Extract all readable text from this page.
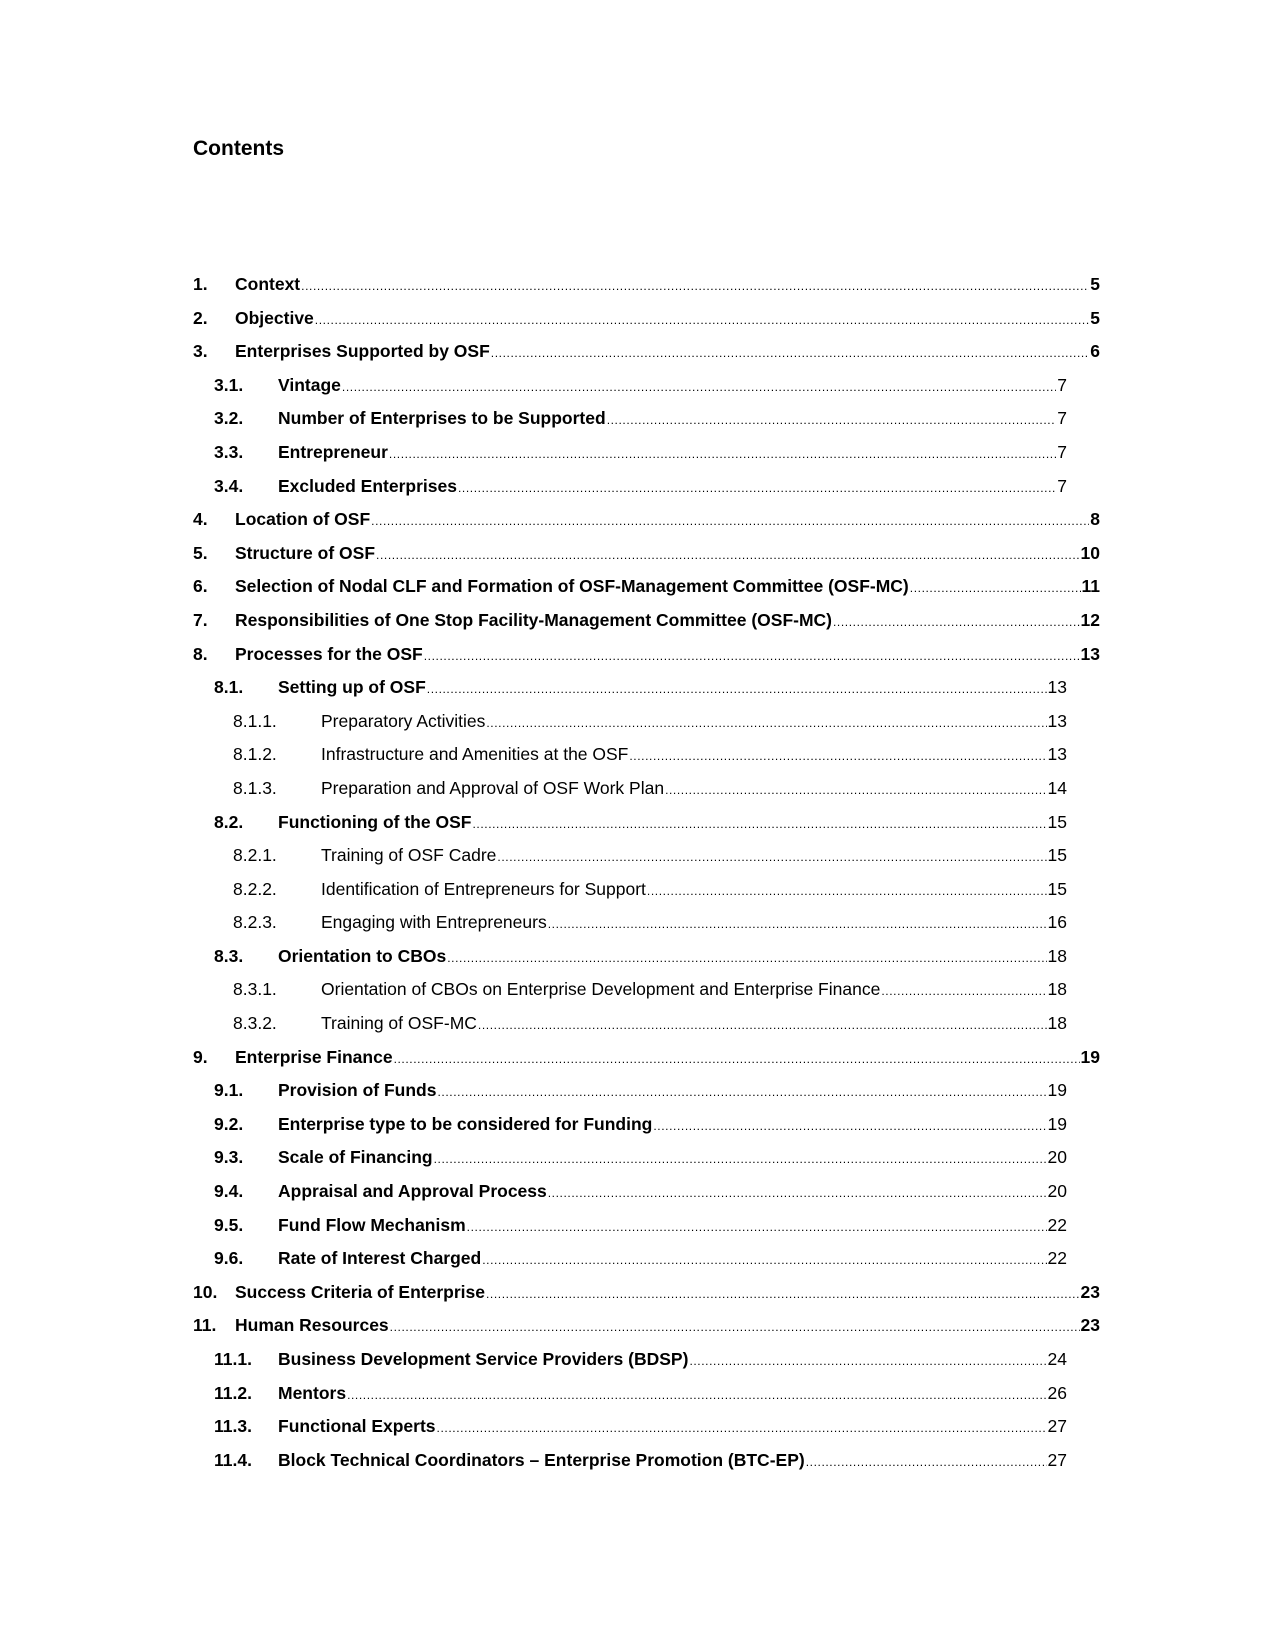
Contents
1.	Context .....	5
2.	Objective .....	5
3.	Enterprises Supported by OSF .....	6
3.1.	Vintage .....	7
3.2.	Number of Enterprises to be Supported .....	7
3.3.	Entrepreneur .....	7
3.4.	Excluded Enterprises .....	7
4.	Location of OSF .....	8
5.	Structure of OSF .....	10
6.	Selection of Nodal CLF and Formation of OSF-Management Committee (OSF-MC) .....	11
7.	Responsibilities of One Stop Facility-Management Committee (OSF-MC) .....	12
8.	Processes for the OSF .....	13
8.1.	Setting up of OSF .....	13
8.1.1.	Preparatory Activities .....	13
8.1.2.	Infrastructure and Amenities at the OSF .....	13
8.1.3.	Preparation and Approval of OSF Work Plan .....	14
8.2.	Functioning of the OSF .....	15
8.2.1.	Training of OSF Cadre .....	15
8.2.2.	Identification of Entrepreneurs for Support .....	15
8.2.3.	Engaging with Entrepreneurs .....	16
8.3.	Orientation to CBOs .....	18
8.3.1.	Orientation of CBOs on Enterprise Development and Enterprise Finance .....	18
8.3.2.	Training of OSF-MC .....	18
9.	Enterprise Finance .....	19
9.1.	Provision of Funds .....	19
9.2.	Enterprise type to be considered for Funding .....	19
9.3.	Scale of Financing .....	20
9.4.	Appraisal and Approval Process .....	20
9.5.	Fund Flow Mechanism .....	22
9.6.	Rate of Interest Charged .....	22
10.	Success Criteria of Enterprise .....	23
11.	Human Resources .....	23
11.1.	Business Development Service Providers (BDSP) .....	24
11.2.	Mentors .....	26
11.3.	Functional Experts .....	27
11.4.	Block Technical Coordinators – Enterprise Promotion (BTC-EP) .....	27
